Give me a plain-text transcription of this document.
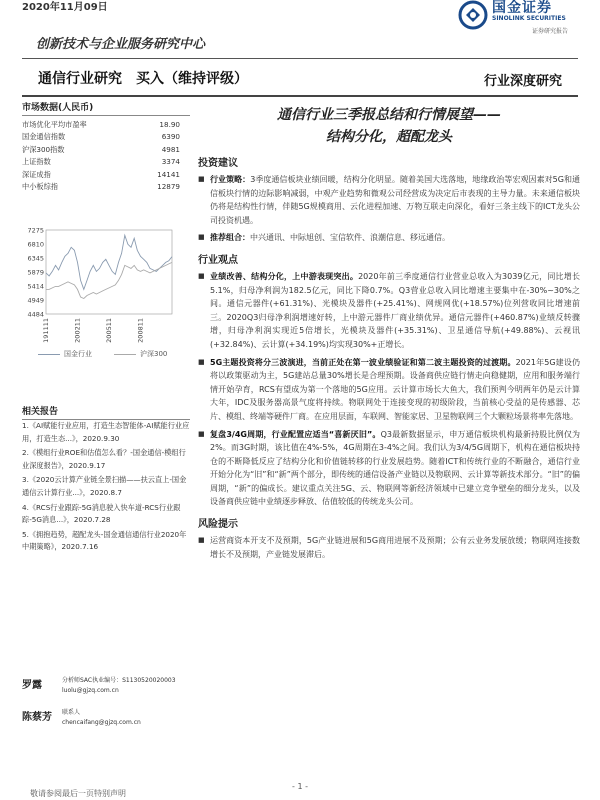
2020年11月09日	国金证券
SINOLINK SECURITIES
证券研究报告
创新技术与企业服务研究中心
通信行业研究　买入（维持评级）	行业深度研究
市场数据(人民币)
市场优化平均市盈率	18.90
国金通信指数	6390
沪深300指数	4981
上证指数	3374
深证成指	14141
中小板综指	12879
7275
6810
6345
5879
5414
4949
4484
191111	200211	200511	200811
国金行业	沪深300
相关报告
1.《AI赋能行业应用，打造生态智能体-AI赋能行业应用，打造生态...》，2020.9.30
2.《模组行业ROE和估值怎么看？-国金通信-模组行业深度报告》，2020.9.17
3.《2020云计算产业链全景扫描——扶云直上-国金通信云计算行业...》，2020.8.7
4.《RCS行业跟踪-5G消息驶入快车道-RCS行业跟踪-5G消息...》，2020.7.28
5.《拥抱趋势，超配龙头-国金通信通信行业2020年中期策略》，2020.7.16
罗露	分析师SAC执业编号：S1130520020003
luolu@gjzq.com.cn
陈蔡芳 联系人
chencaifang@gjzq.com.cn
通信行业三季报总结和行情展望——
结构分化，超配龙头
投资建议
■ 行业策略：3季度通信板块业绩回暖，结构分化明显。随着美国大选落地，地缘政治等宏观因素对5G和通信板块行情的边际影响减弱，中观产业趋势和微观公司经营成为决定后市表现的主导力量。未来通信板块仍将是结构性行情，伴随5G规模商用、云化进程加速、万物互联走向深化，看好三条主线下的ICT龙头公司投资机遇。
■ 推荐组合：中兴通讯、中际旭创、宝信软件、浪潮信息、移远通信。
行业观点
■ 业绩改善、结构分化，上中游表现突出。2020年前三季度通信行业营业总收入为3039亿元，同比增长5.1%，归母净利润为182.5亿元，同比下降0.7%。Q3营业总收入同比增速主要集中在-30%~30%之间。通信元器件(+61.31%)、光模块及器件(+25.41%)、网规网优(+18.57%)位列营收同比增速前三。2020Q3归母净利润增速好转，上中游元器件厂商业绩优异。通信元器件(+460.87%)业绩反转骤增，归母净利润实现近5倍增长，光模块及器件(+35.31%)、卫星通信导航(+49.88%)、云视讯(+32.84%)、云计算(+34.19%)均实现30%+正增长。
■ 5G主题投资将分三波演进，当前正处在第一波业绩验证和第二波主题投资的过渡期。2021年5G建设仍将以政策驱动为主，5G建站总量30%增长是合理预期。设备商供应链行情走向稳健期，应用和服务端行情开始孕育，RCS有望成为第一个落地的5G应用。云计算市场长大鱼大，我们预判今明两年仍是云计算大年，IDC及服务器高景气度将持续。物联网处于连接变现的初级阶段，当前核心受益的是传感器、芯片、模组、终端等硬件厂商。在应用层面，车联网、智能家居、卫星物联网三个大颗粒场景将率先落地。
■ 复盘3/4G周期，行业配置应适当“喜新厌旧”。Q3最新数据显示，申万通信板块机构最新持股比例仅为2%。而3G时期，该比值在4%-5%，4G周期在3-4%之间。我们认为3/4/5G周期下，机构在通信板块持仓的不断降低反应了结构分化和价值链转移的行业发展趋势。随着ICT和传统行业的不断融合，通信行业开始分化为“旧”和“新”两个部分，即传统的通信设备产业链以及物联网、云计算等新技术部分。“旧”的偏周期，“新”的偏成长。建议重点关注5G、云、物联网等新经济领域中已建立竞争壁垒的细分龙头，以及设备商供应链中业绩逐步释放、估值较低的传统龙头公司。
风险提示
■ 运营商资本开支不及预期，5G产业链进展和5G商用进展不及预期；公有云业务发展放缓；物联网连接数增长不及预期，产业链发展滞后。
- 1 -
敬请参阅最后一页特别声明
